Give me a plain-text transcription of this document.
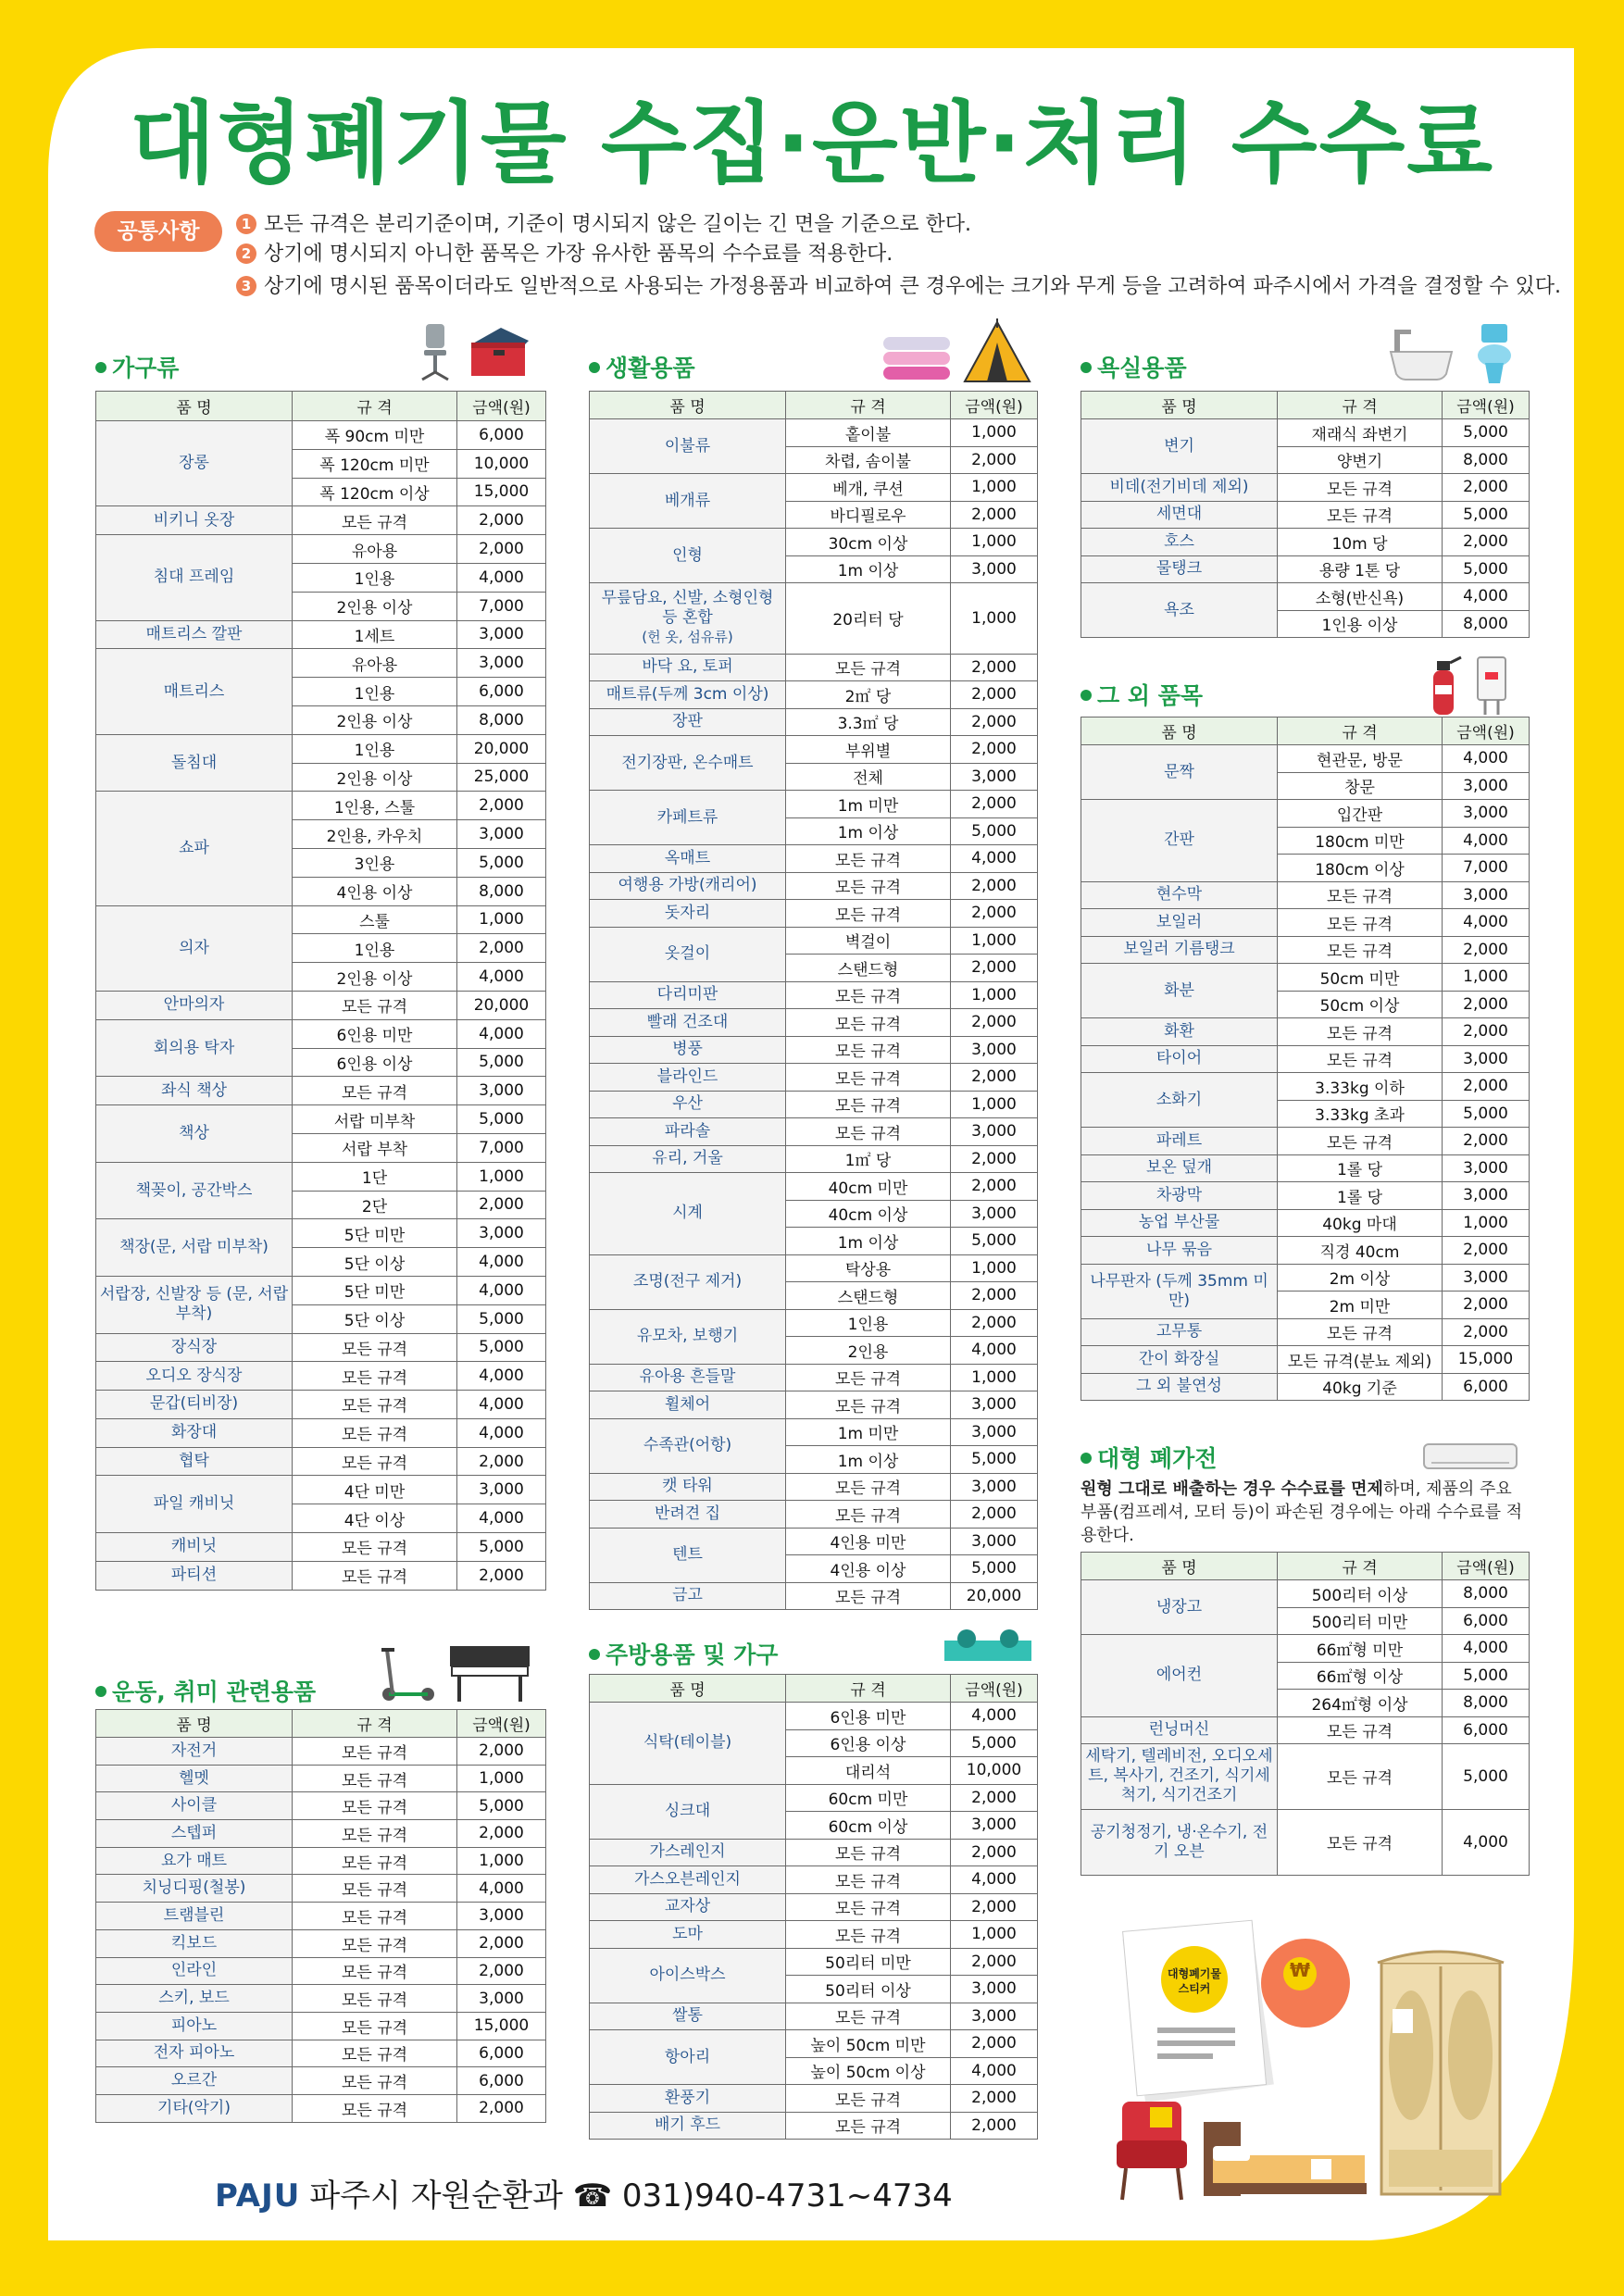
대형폐기물 수집·운반·처리 수수료
공통사항	1 모든 규격은 분리기준이며, 기준이 명시되지 않은 길이는 긴 면을 기준으로 한다.
2 상기에 명시되지 아니한 품목은 가장 유사한 품목의 수수료를 적용한다.
3 상기에 명시된 품목이더라도 일반적으로 사용되는 가정용품과 비교하여 큰 경우에는 크기와 무게 등을 고려하여 파주시에서 가격을 결정할 수 있다.
가구류
품 명	규 격	금액(원)

장롱	폭 90cm 미만	6,000
	폭 120cm 미만	10,000
	폭 120cm 이상	15,000

비키니 옷장	모든 규격	2,000

침대 프레임	유아용	2,000
	1인용	4,000
	2인용 이상	7,000

매트리스 깔판	1세트	3,000

매트리스	유아용	3,000
	1인용	6,000
	2인용 이상	8,000

돌침대	1인용	20,000
	2인용 이상	25,000

쇼파	1인용, 스툴	2,000
	2인용, 카우치	3,000
	3인용	5,000
	4인용 이상	8,000

의자	스툴	1,000
	1인용	2,000
	2인용 이상	4,000

안마의자	모든 규격	20,000

회의용 탁자	6인용 미만	4,000
	6인용 이상	5,000

좌식 책상	모든 규격	3,000

책상	서랍 미부착	5,000
	서랍 부착	7,000

책꽂이, 공간박스	1단	1,000
	2단	2,000

책장(문, 서랍 미부착)	5단 미만	3,000
	5단 이상	4,000

서랍장, 신발장 등 (문, 서랍 부착)	5단 미만	4,000
	5단 이상	5,000

장식장	모든 규격	5,000

오디오 장식장	모든 규격	4,000

문갑(티비장)	모든 규격	4,000

화장대	모든 규격	4,000

협탁	모든 규격	2,000

파일 캐비닛	4단 미만	3,000
	4단 이상	4,000

캐비닛	모든 규격	5,000

파티션	모든 규격	2,000
운동, 취미 관련용품
품 명	규 격	금액(원)

자전거	모든 규격	2,000

헬멧	모든 규격	1,000

사이클	모든 규격	5,000

스텝퍼	모든 규격	2,000

요가 매트	모든 규격	1,000

치닝디핑(철봉)	모든 규격	4,000

트램블린	모든 규격	3,000

킥보드	모든 규격	2,000

인라인	모든 규격	2,000

스키, 보드	모든 규격	3,000

피아노	모든 규격	15,000

전자 피아노	모든 규격	6,000

오르간	모든 규격	6,000

기타(악기)	모든 규격	2,000
생활용품
품 명	규 격	금액(원)

이불류	홑이불	1,000
	차렵, 솜이불	2,000

베개류	베개, 쿠션	1,000
	바디필로우	2,000

인형	30cm 이상	1,000
	1m 이상	3,000

무릎담요, 신발, 소형인형 등 혼합
(헌 옷, 섬유류)	20리터 당	1,000

바닥 요, 토퍼	모든 규격	2,000

매트류(두께 3cm 이상)	2㎡ 당	2,000

장판	3.3㎡ 당	2,000

전기장판, 온수매트	부위별	2,000
	전체	3,000

카페트류	1m 미만	2,000
	1m 이상	5,000

옥매트	모든 규격	4,000

여행용 가방(캐리어)	모든 규격	2,000

돗자리	모든 규격	2,000

옷걸이	벽걸이	1,000
	스탠드형	2,000

다리미판	모든 규격	1,000

빨래 건조대	모든 규격	2,000

병풍	모든 규격	3,000

블라인드	모든 규격	2,000

우산	모든 규격	1,000

파라솔	모든 규격	3,000

유리, 거울	1㎡ 당	2,000

시계	40cm 미만	2,000
	40cm 이상	3,000
	1m 이상	5,000

조명(전구 제거)	탁상용	1,000
	스탠드형	2,000

유모차, 보행기	1인용	2,000
	2인용	4,000

유아용 흔들말	모든 규격	1,000

휠체어	모든 규격	3,000

수족관(어항)	1m 미만	3,000
	1m 이상	5,000

캣 타워	모든 규격	3,000

반려견 집	모든 규격	2,000

텐트	4인용 미만	3,000
	4인용 이상	5,000

금고	모든 규격	20,000
주방용품 및 가구
품 명	규 격	금액(원)

식탁(테이블)	6인용 미만	4,000
	6인용 이상	5,000
	대리석	10,000

싱크대	60cm 미만	2,000
	60cm 이상	3,000

가스레인지	모든 규격	2,000

가스오븐레인지	모든 규격	4,000

교자상	모든 규격	2,000

도마	모든 규격	1,000

아이스박스	50리터 미만	2,000
	50리터 이상	3,000

쌀통	모든 규격	3,000

항아리	높이 50cm 미만	2,000
	높이 50cm 이상	4,000

환풍기	모든 규격	2,000

배기 후드	모든 규격	2,000
욕실용품
품 명	규 격	금액(원)

변기	재래식 좌변기	5,000
	양변기	8,000

비데(전기비데 제외)	모든 규격	2,000

세면대	모든 규격	5,000

호스	10m 당	2,000

물탱크	용량 1톤 당	5,000

욕조	소형(반신욕)	4,000
	1인용 이상	8,000
그 외 품목
품 명	규 격	금액(원)

문짝	현관문, 방문	4,000
	창문	3,000

간판	입간판	3,000
	180cm 미만	4,000
	180cm 이상	7,000

현수막	모든 규격	3,000

보일러	모든 규격	4,000

보일러 기름탱크	모든 규격	2,000

화분	50cm 미만	1,000
	50cm 이상	2,000

화환	모든 규격	2,000

타이어	모든 규격	3,000

소화기	3.33kg 이하	2,000
	3.33kg 초과	5,000

파레트	모든 규격	2,000

보온 덮개	1롤 당	3,000

차광막	1롤 당	3,000

농업 부산물	40kg 마대	1,000

나무 묶음	직경 40cm	2,000

나무판자 (두께 35mm 미만)	2m 이상	3,000
	2m 미만	2,000

고무통	모든 규격	2,000

간이 화장실	모든 규격(분뇨 제외)	15,000

그 외 불연성	40kg 기준	6,000
대형 폐가전
원형 그대로 배출하는 경우 수수료를 면제하며, 제품의 주요 부품(컴프레셔, 모터 등)이 파손된 경우에는 아래 수수료를 적용한다.
품 명	규 격	금액(원)

냉장고	500리터 이상	8,000
	500리터 미만	6,000

에어컨	66㎡형 미만	4,000
	66㎡형 이상	5,000
	264㎡형 이상	8,000

런닝머신	모든 규격	6,000

세탁기, 텔레비전, 오디오세트, 복사기, 건조기, 식기세척기, 식기건조기	모든 규격	5,000

공기청정기, 냉·온수기, 전기 오븐	모든 규격	4,000
대형폐기물
스티커
₩
PAJU 파주시 자원순환과 ☎ 031)940-4731~4734
